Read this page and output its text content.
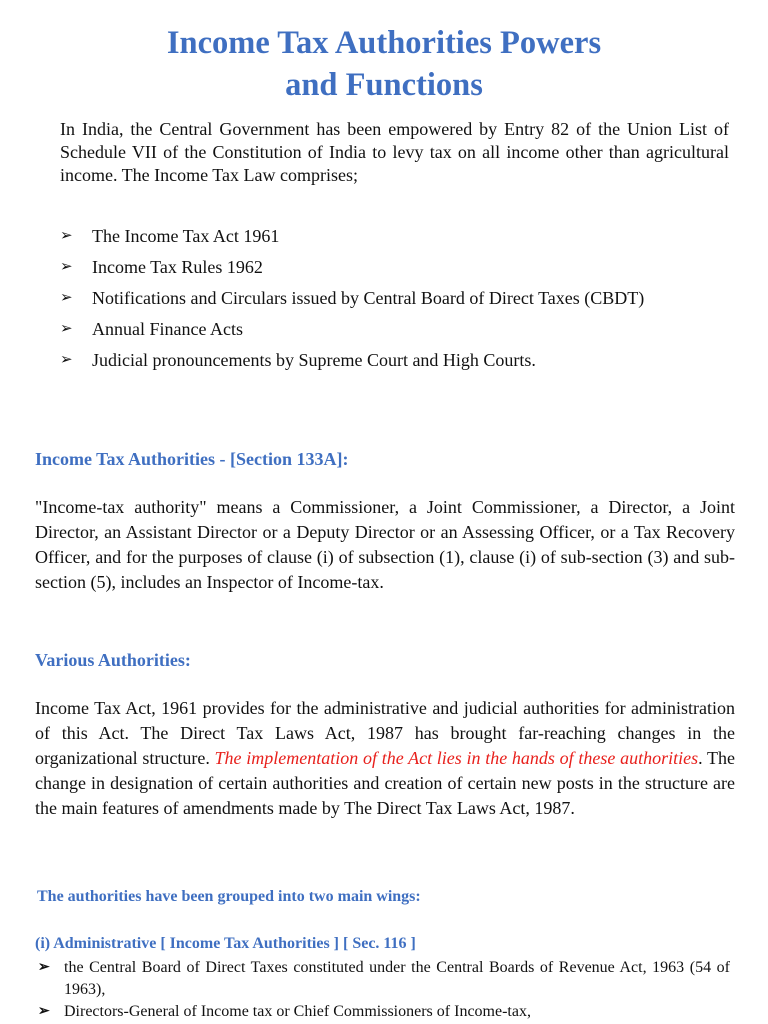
Income Tax Authorities Powers
and Functions

In India, the Central Government has been empowered by Entry 82 of the Union List of Schedule VII of the Constitution of India to levy tax on all income other than agricultural income. The Income Tax Law comprises;

➢ The Income Tax Act 1961
➢ Income Tax Rules 1962
➢ Notifications and Circulars issued by Central Board of Direct Taxes (CBDT)
➢ Annual Finance Acts
➢ Judicial pronouncements by Supreme Court and High Courts.
Income Tax Authorities - [Section 133A]:

"Income-tax authority" means a Commissioner, a Joint Commissioner, a Director, a Joint Director, an Assistant Director or a Deputy Director or an Assessing Officer, or a Tax Recovery Officer, and for the purposes of clause (i) of subsection (1), clause (i) of sub-section (3) and sub-section (5), includes an Inspector of Income-tax.

Various Authorities:

Income Tax Act, 1961 provides for the administrative and judicial authorities for administration of this Act. The Direct Tax Laws Act, 1987 has brought far-reaching changes in the organizational structure. The implementation of the Act lies in the hands of these authorities. The change in designation of certain authorities and creation of certain new posts in the structure are the main features of amendments made by The Direct Tax Laws Act, 1987.

The authorities have been grouped into two main wings:
(i) Administrative [ Income Tax Authorities ] [ Sec. 116 ]
➢ the Central Board of Direct Taxes constituted under the Central Boards of Revenue Act, 1963 (54 of 1963),
➢ Directors-General of Income tax or Chief Commissioners of Income-tax,
